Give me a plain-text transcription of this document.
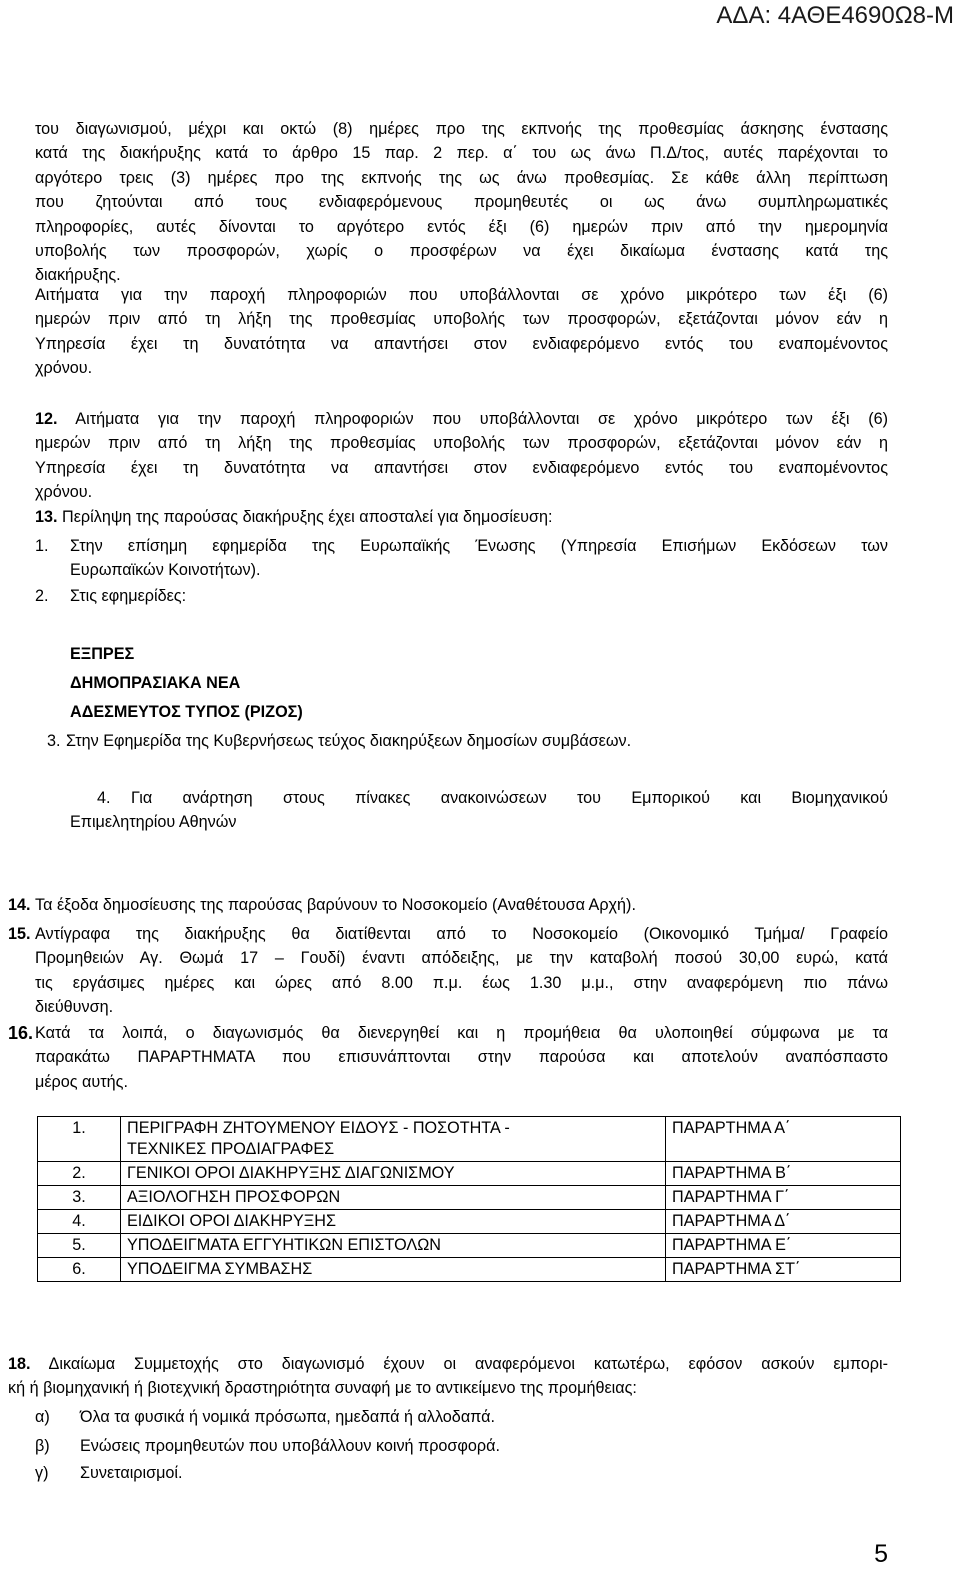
ΑΔΑ: 4ΑΘΕ4690Ω8-Μ
του διαγωνισμού, μέχρι και οκτώ (8) ημέρες προ της εκπνοής της προθεσμίας άσκησης ένστασης
κατά της διακήρυξης κατά το άρθρο 15 παρ. 2 περ. α΄ του ως άνω Π.Δ/τος, αυτές παρέχονται το
αργότερο τρεις (3) ημέρες προ της εκπνοής της ως άνω προθεσμίας. Σε κάθε άλλη περίπτωση
που ζητούνται από τους ενδιαφερόμενους προμηθευτές οι ως άνω συμπληρωματικές
πληροφορίες, αυτές δίνονται το αργότερο εντός έξι (6) ημερών πριν από την ημερομηνία
υποβολής των προσφορών, χωρίς ο προσφέρων να έχει δικαίωμα ένστασης κατά της
διακήρυξης.
Αιτήματα για την παροχή πληροφοριών που υποβάλλονται σε χρόνο μικρότερο των έξι (6)
ημερών πριν από τη λήξη της προθεσμίας υποβολής των προσφορών, εξετάζονται μόνον εάν η
Υπηρεσία έχει τη δυνατότητα να απαντήσει στον ενδιαφερόμενο εντός του εναπομένοντος
χρόνου.
12. Αιτήματα για την παροχή πληροφοριών που υποβάλλονται σε χρόνο μικρότερο των έξι (6)
ημερών πριν από τη λήξη της προθεσμίας υποβολής των προσφορών, εξετάζονται μόνον εάν η
Υπηρεσία έχει τη δυνατότητα να απαντήσει στον ενδιαφερόμενο εντός του εναπομένοντος
χρόνου.
13. Περίληψη της παρούσας διακήρυξης έχει αποσταλεί για δημοσίευση:
1. Στην επίσημη εφημερίδα της Ευρωπαϊκής Ένωσης (Υπηρεσία Επισήμων Εκδόσεων των
Ευρωπαϊκών Κοινοτήτων).
2. Στις εφημερίδες:
ΕΞΠΡΕΣ
ΔΗΜΟΠΡΑΣΙΑΚΑ ΝΕΑ
ΑΔΕΣΜΕΥΤΟΣ ΤΥΠΟΣ (ΡΙΖΟΣ)
3. Στην Εφημερίδα της Κυβερνήσεως τεύχος διακηρύξεων δημοσίων συμβάσεων.
4.	Για ανάρτηση στους πίνακες ανακοινώσεων του Εμπορικού και Βιομηχανικού
Επιμελητηρίου Αθηνών
14. Τα έξοδα δημοσίευσης της παρούσας βαρύνουν το Νοσοκομείο (Αναθέτουσα Αρχή).
15. Αντίγραφα της διακήρυξης θα διατίθενται από το Νοσοκομείο (Οικονομικό Τμήμα/ Γραφείο
Προμηθειών Αγ. Θωμά 17 – Γουδί) έναντι απόδειξης, με την καταβολή ποσού 30,00 ευρώ, κατά
τις εργάσιμες ημέρες και ώρες από 8.00 π.μ. έως 1.30 μ.μ., στην αναφερόμενη πιο πάνω
διεύθυνση.
16. Κατά τα λοιπά, ο διαγωνισμός θα διενεργηθεί και η προμήθεια θα υλοποιηθεί σύμφωνα με τα
παρακάτω ΠΑΡΑΡΤΗΜΑΤΑ που επισυνάπτονται στην παρούσα και αποτελούν αναπόσπαστο
μέρος αυτής.
1.	ΠΕΡΙΓΡΑΦΗ ΖΗΤΟΥΜΕΝΟΥ ΕΙΔΟΥΣ - ΠΟΣΟΤΗΤΑ -
ΤΕΧΝΙΚΕΣ ΠΡΟΔΙΑΓΡΑΦΕΣ	ΠΑΡΑΡΤΗΜΑ Α΄
2.	ΓΕΝΙΚΟΙ ΟΡΟΙ ΔΙΑΚΗΡΥΞΗΣ ΔΙΑΓΩΝΙΣΜΟΥ	ΠΑΡΑΡΤΗΜΑ Β΄
3.	ΑΞΙΟΛΟΓΗΣΗ ΠΡΟΣΦΟΡΩΝ	ΠΑΡΑΡΤΗΜΑ Γ΄
4.	ΕΙΔΙΚΟΙ ΟΡΟΙ ΔΙΑΚΗΡΥΞΗΣ	ΠΑΡΑΡΤΗΜΑ Δ΄
5.	ΥΠΟΔΕΙΓΜΑΤΑ ΕΓΓΥΗΤΙΚΩΝ ΕΠΙΣΤΟΛΩΝ	ΠΑΡΑΡΤΗΜΑ Ε΄
6.	ΥΠΟΔΕΙΓΜΑ ΣΥΜΒΑΣΗΣ	ΠΑΡΑΡΤΗΜΑ ΣΤ΄
18. Δικαίωμα Συμμετοχής στο διαγωνισμό έχουν οι αναφερόμενοι κατωτέρω, εφόσον ασκούν εμπορι-
κή ή βιομηχανική ή βιοτεχνική δραστηριότητα συναφή με το αντικείμενο της προμήθειας:
α) Όλα τα φυσικά ή νομικά πρόσωπα, ημεδαπά ή αλλοδαπά.
β) Ενώσεις προμηθευτών που υποβάλλουν κοινή προσφορά.
γ) Συνεταιρισμοί.
5
